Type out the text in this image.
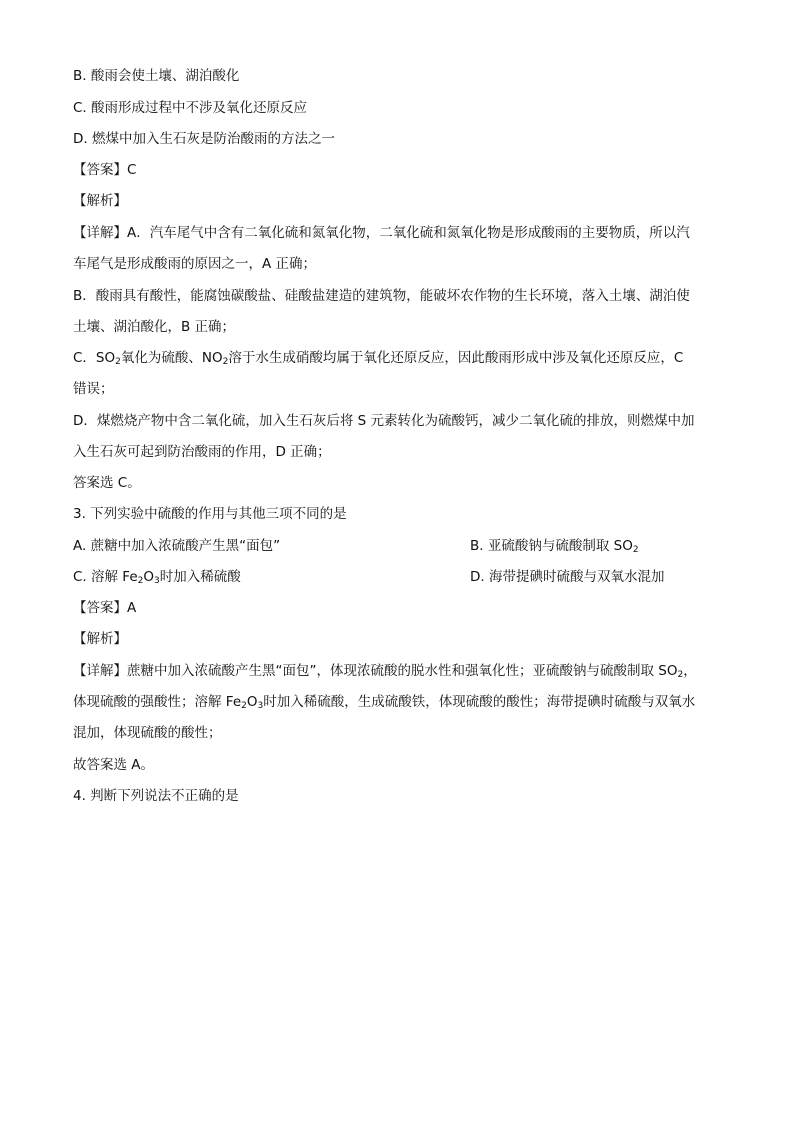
B. 酸雨会使土壤、湖泊酸化
C. 酸雨形成过程中不涉及氧化还原反应
D. 燃煤中加入生石灰是防治酸雨的方法之一
【答案】C
【解析】
【详解】A．汽车尾气中含有二氧化硫和氮氧化物，二氧化硫和氮氧化物是形成酸雨的主要物质，所以汽
车尾气是形成酸雨的原因之一，A 正确；
B．酸雨具有酸性，能腐蚀碳酸盐、硅酸盐建造的建筑物，能破坏农作物的生长环境，落入土壤、湖泊使
土壤、湖泊酸化，B 正确；
C．$SO_2$氧化为硫酸、$NO_2$溶于水生成硝酸均属于氧化还原反应，因此酸雨形成中涉及氧化还原反应，C
错误；
D．煤燃烧产物中含二氧化硫，加入生石灰后将 S 元素转化为硫酸钙，减少二氧化硫的排放，则燃煤中加
入生石灰可起到防治酸雨的作用，D 正确；
答案选 C。
3. 下列实验中硫酸的作用与其他三项不同的是
A. 蔗糖中加入浓硫酸产生黑“面包”	B. 亚硫酸钠与硫酸制取 $SO_2$
C. 溶解 $Fe_2O_3$时加入稀硫酸	D. 海带提碘时硫酸与双氧水混加
【答案】A
【解析】
【详解】蔗糖中加入浓硫酸产生黑“面包”，体现浓硫酸的脱水性和强氧化性；亚硫酸钠与硫酸制取 $SO_2$，
体现硫酸的强酸性；溶解 $Fe_2O_3$时加入稀硫酸，生成硫酸铁，体现硫酸的酸性；海带提碘时硫酸与双氧水
混加，体现硫酸的酸性；
故答案选 A。
4. 判断下列说法不正确的是
